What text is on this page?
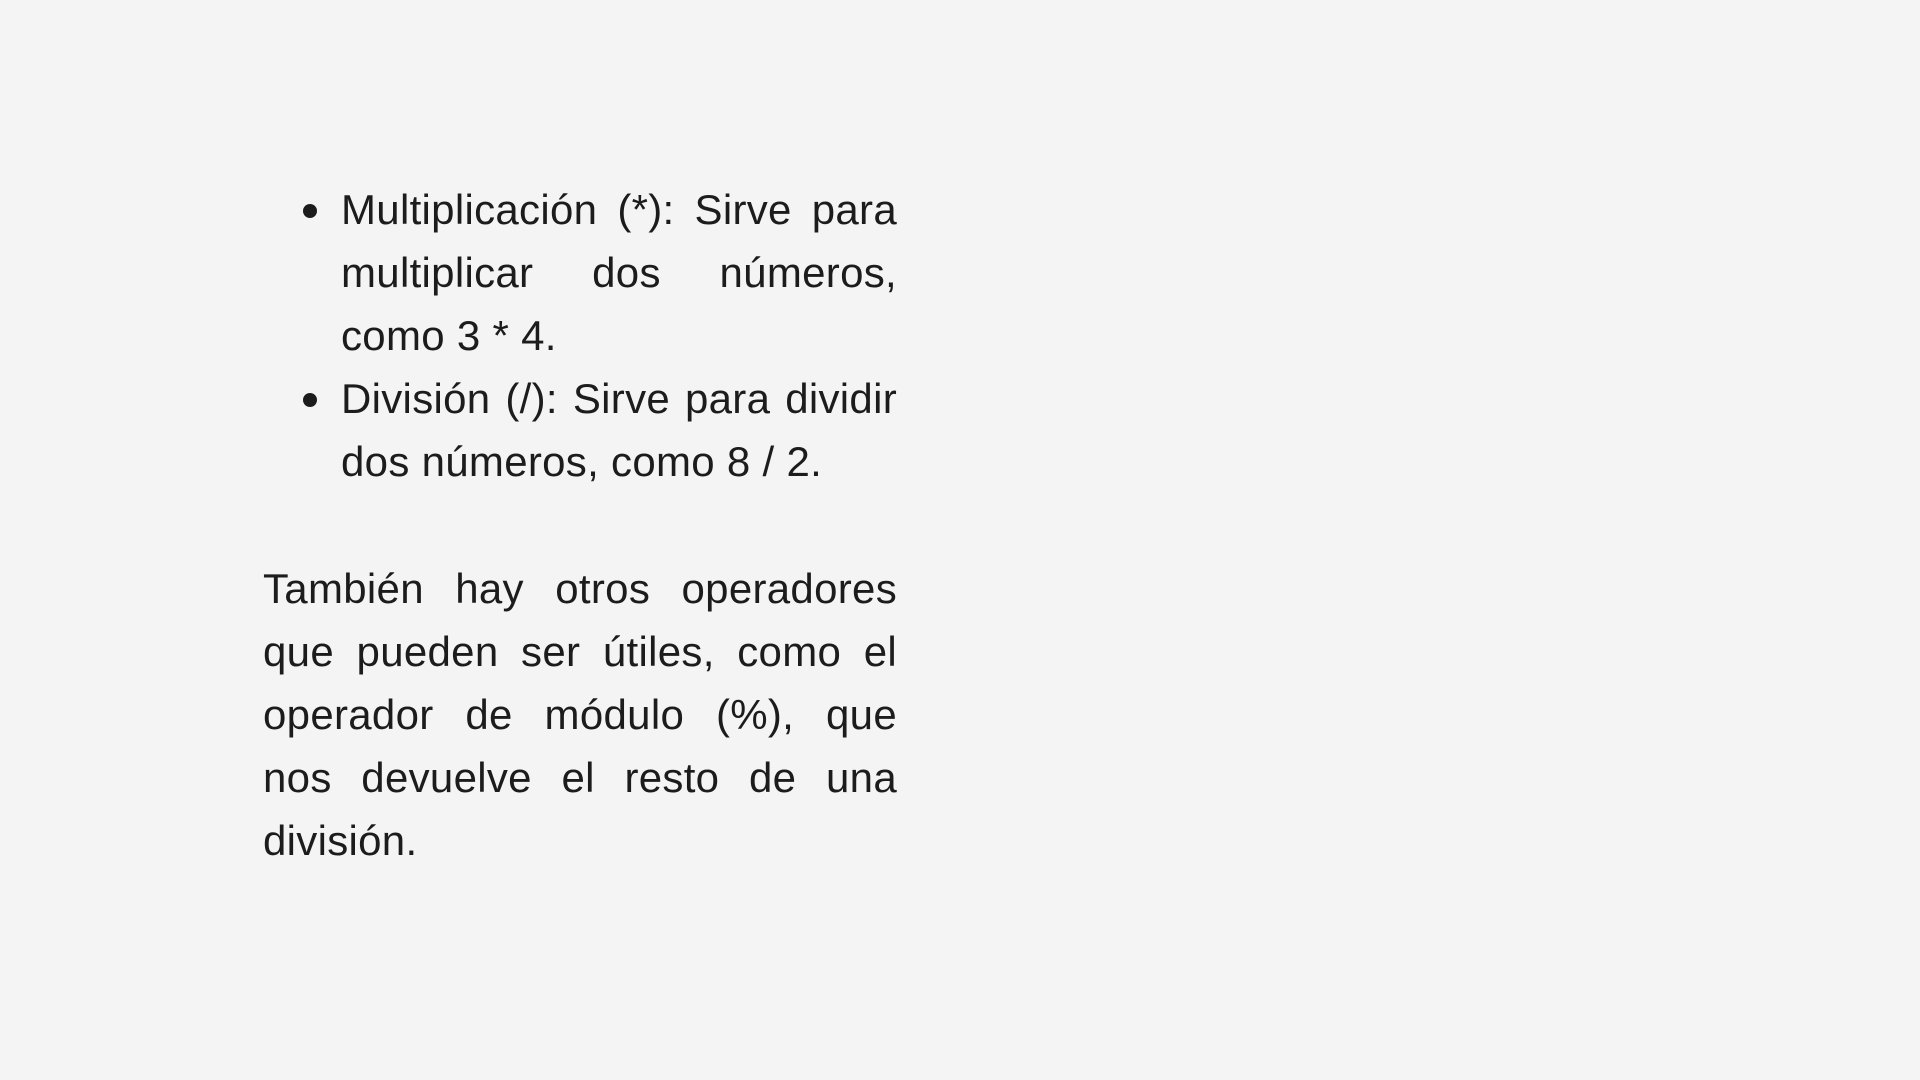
Multiplicación (*): Sirve para multiplicar dos números, como 3 * 4.
División (/): Sirve para dividir dos números, como 8 / 2.

También hay otros operadores que pueden ser útiles, como el operador de módulo (%), que nos devuelve el resto de una división.
